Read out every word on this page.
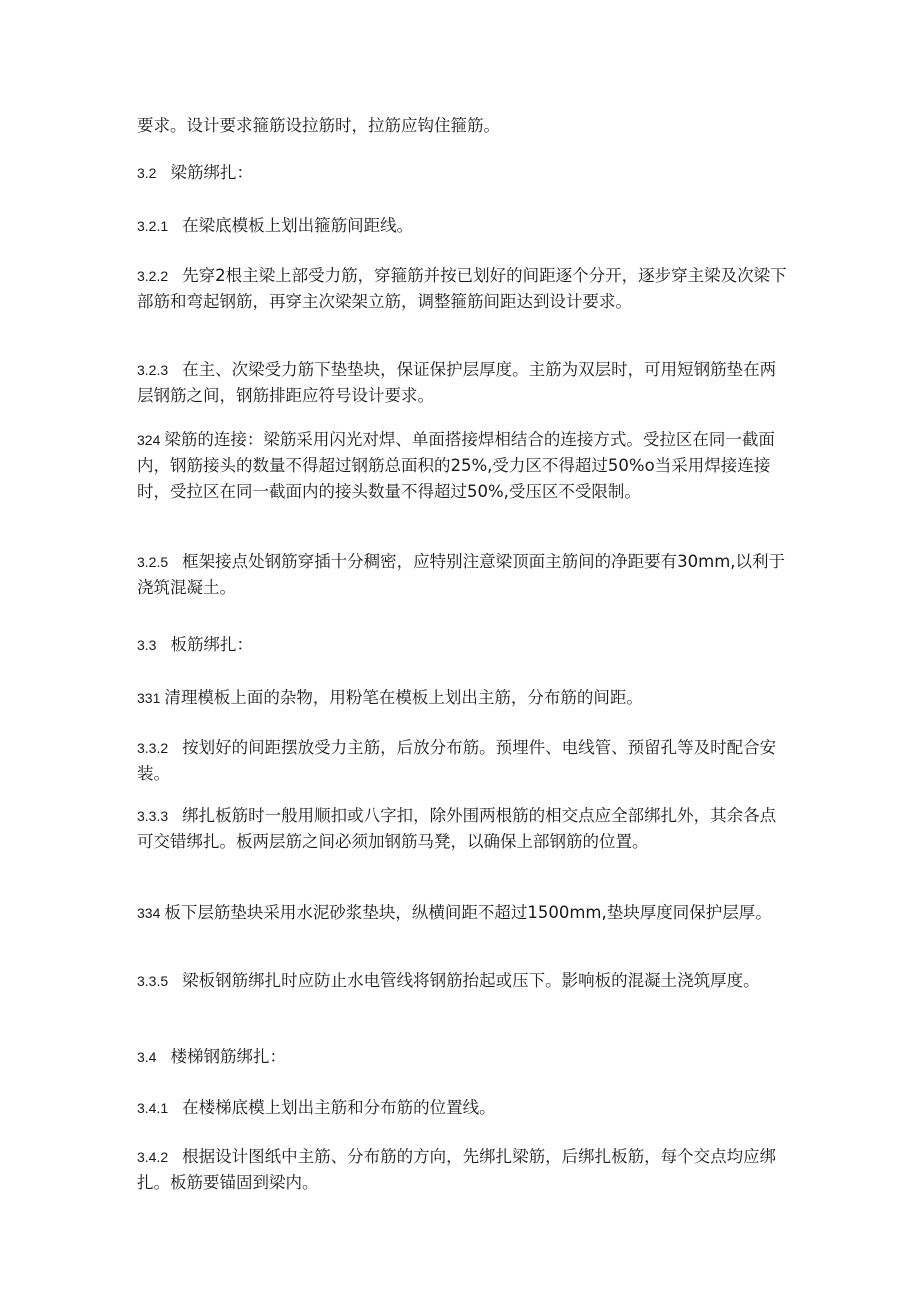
要求。设计要求箍筋设拉筋时，拉筋应钩住箍筋。

3.2 梁筋绑扎：

3.2.1 在梁底模板上划出箍筋间距线。

3.2.2 先穿2根主梁上部受力筋，穿箍筋并按已划好的间距逐个分开，逐步穿主梁及次梁下部筋和弯起钢筋，再穿主次梁架立筋，调整箍筋间距达到设计要求。

3.2.3 在主、次梁受力筋下垫垫块，保证保护层厚度。主筋为双层时，可用短钢筋垫在两层钢筋之间，钢筋排距应符号设计要求。

324 梁筋的连接：梁筋采用闪光对焊、单面搭接焊相结合的连接方式。受拉区在同一截面内，钢筋接头的数量不得超过钢筋总面积的25%,受力区不得超过50%o当采用焊接连接时，受拉区在同一截面内的接头数量不得超过50%,受压区不受限制。

3.2.5 框架接点处钢筋穿插十分稠密，应特别注意梁顶面主筋间的净距要有30mm,以利于浇筑混凝土。

3.3 板筋绑扎：

331 清理模板上面的杂物，用粉笔在模板上划出主筋，分布筋的间距。

3.3.2 按划好的间距摆放受力主筋，后放分布筋。预埋件、电线管、预留孔等及时配合安装。

3.3.3 绑扎板筋时一般用顺扣或八字扣，除外围两根筋的相交点应全部绑扎外，其余各点可交错绑扎。板两层筋之间必须加钢筋马凳，以确保上部钢筋的位置。

334 板下层筋垫块采用水泥砂浆垫块，纵横间距不超过1500mm,垫块厚度同保护层厚。

3.3.5 梁板钢筋绑扎时应防止水电管线将钢筋抬起或压下。影响板的混凝土浇筑厚度。

3.4 楼梯钢筋绑扎：

3.4.1 在楼梯底模上划出主筋和分布筋的位置线。

3.4.2 根据设计图纸中主筋、分布筋的方向，先绑扎梁筋，后绑扎板筋，每个交点均应绑扎。板筋要锚固到梁内。
